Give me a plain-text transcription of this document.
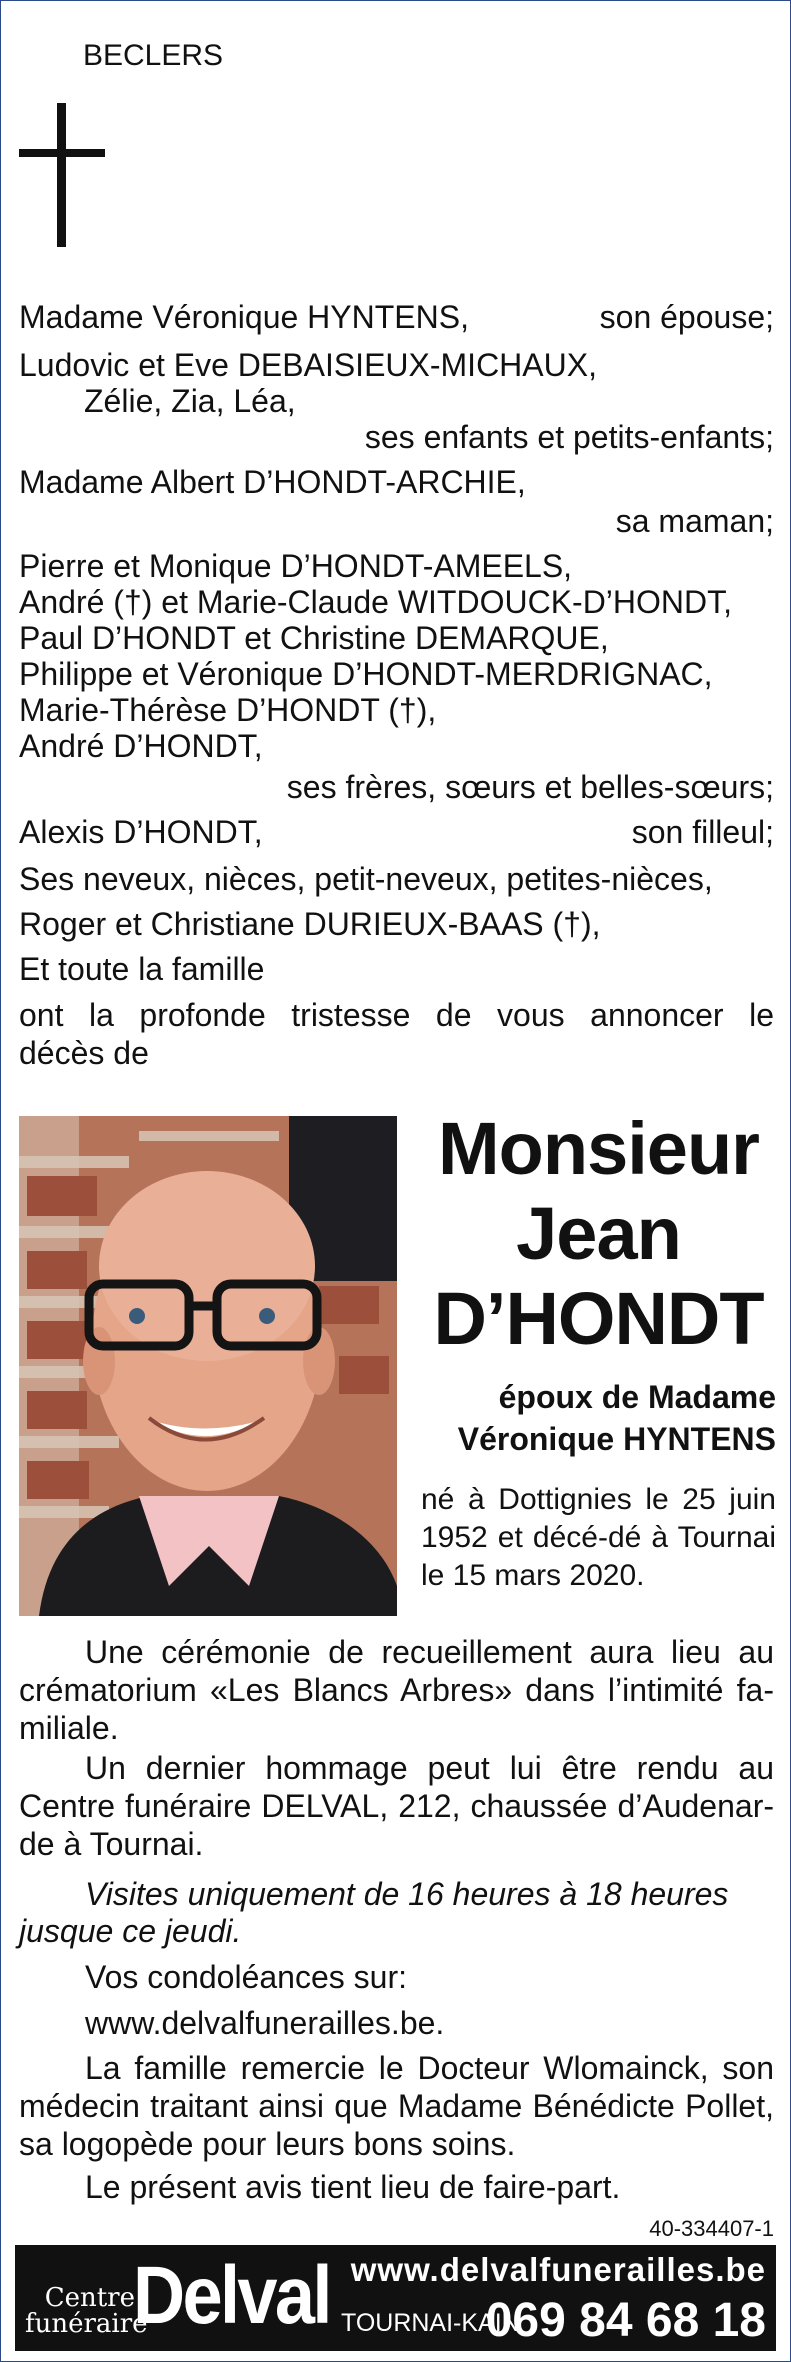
BECLERS
Madame Véronique HYNTENS,	son épouse;
Ludovic et Eve DEBAISIEUX-MICHAUX,
Zélie, Zia, Léa,
ses enfants et petits-enfants;
Madame Albert D’HONDT-ARCHIE,
sa maman;
Pierre et Monique D’HONDT-AMEELS,
André (†) et Marie-Claude WITDOUCK-D’HONDT,
Paul D’HONDT et Christine DEMARQUE,
Philippe et Véronique D’HONDT-MERDRIGNAC,
Marie-Thérèse D’HONDT (†),
André D’HONDT,
ses frères, sœurs et belles-sœurs;
Alexis D’HONDT,	son filleul;
Ses neveux, nièces, petit-neveux, petites-nièces,
Roger et Christiane DURIEUX-BAAS (†),
Et toute la famille
ont la profonde tristesse de vous annoncer le
décès de
Monsieur
Jean
D’HONDT
époux de Madame
Véronique HYNTENS
né à Dottignies le 25 juin 1952 et décé-dé à Tournai le 15 mars 2020.
Une cérémonie de recueillement aura lieu au crématorium «Les Blancs Arbres» dans l’intimité fa-miliale.
Un dernier hommage peut lui être rendu au Centre funéraire DELVAL, 212, chaussée d’Audenar-de à Tournai.
Visites uniquement de 16 heures à 18 heures
jusque ce jeudi.
Vos condoléances sur:
www.delvalfunerailles.be.
La famille remercie le Docteur Wlomainck, son médecin traitant ainsi que Madame Bénédicte Pollet, sa logopède pour leurs bons soins.
Le présent avis tient lieu de faire-part.
40-334407-1
Centre
funéraire
Delval www.delvalfunerailles.be
TOURNAI-KAIN
069 84 68 18
